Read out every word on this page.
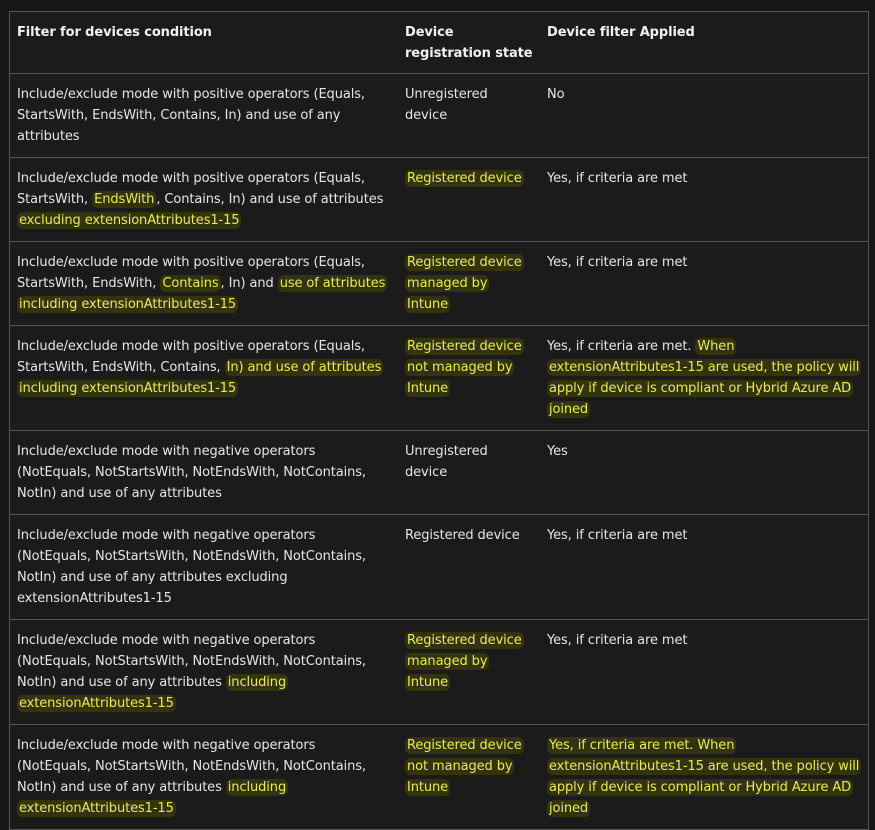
Filter for devices condition	Device registration state	Device filter Applied
Include/exclude mode with positive operators (Equals, StartsWith, EndsWith, Contains, In) and use of any attributes	Unregistered device	No
Include/exclude mode with positive operators (Equals, StartsWith, EndsWith , Contains, In) and use of attributes excluding extensionAttributes1-15	Registered device	Yes, if criteria are met
Include/exclude mode with positive operators (Equals, StartsWith, EndsWith, Contains , In) and use of attributes including extensionAttributes1-15	Registered device managed by Intune	Yes, if criteria are met
Include/exclude mode with positive operators (Equals, StartsWith, EndsWith, Contains, In) and use of attributes including extensionAttributes1-15	Registered device not managed by Intune	Yes, if criteria are met. When extensionAttributes1-15 are used, the policy will apply if device is compliant or Hybrid Azure AD joined
Include/exclude mode with negative operators (NotEquals, NotStartsWith, NotEndsWith, NotContains, NotIn) and use of any attributes	Unregistered device	Yes
Include/exclude mode with negative operators (NotEquals, NotStartsWith, NotEndsWith, NotContains, NotIn) and use of any attributes excluding extensionAttributes1-15	Registered device	Yes, if criteria are met
Include/exclude mode with negative operators (NotEquals, NotStartsWith, NotEndsWith, NotContains, NotIn) and use of any attributes including extensionAttributes1-15	Registered device managed by Intune	Yes, if criteria are met
Include/exclude mode with negative operators (NotEquals, NotStartsWith, NotEndsWith, NotContains, NotIn) and use of any attributes including extensionAttributes1-15	Registered device not managed by Intune	Yes, if criteria are met. When extensionAttributes1-15 are used, the policy will apply if device is compliant or Hybrid Azure AD joined
